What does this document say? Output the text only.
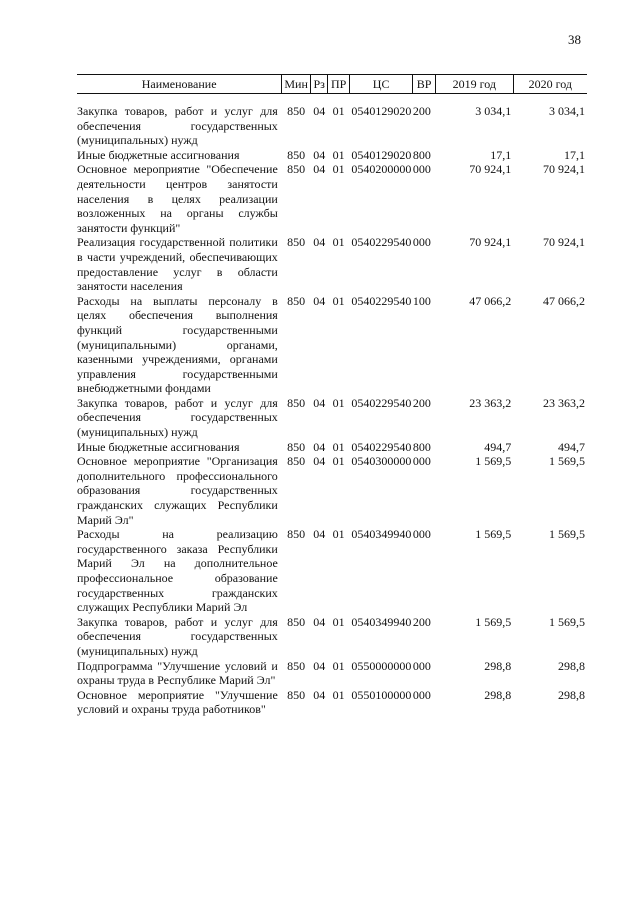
38
Наименование	Мин	Рз	ПР	ЦС	ВР	2019 год	2020 год

Закупка товаров, работ и услуг для обеспечения государственных (муниципальных) нужд	850	04	01	0540129020	200	3 034,1	3 034,1
Иные бюджетные ассигнования	850	04	01	0540129020	800	17,1	17,1
Основное мероприятие "Обеспечение деятельности центров занятости населения в целях реализации возложенных на органы службы занятости функций"	850	04	01	0540200000	000	70 924,1	70 924,1
Реализация государственной политики в части учреждений, обеспечивающих предоставление услуг в области занятости населения	850	04	01	0540229540	000	70 924,1	70 924,1
Расходы на выплаты персоналу в целях обеспечения выполнения функций государственными (муниципальными) органами, казенными учреждениями, органами управления государственными внебюджетными фондами	850	04	01	0540229540	100	47 066,2	47 066,2
Закупка товаров, работ и услуг для обеспечения государственных (муниципальных) нужд	850	04	01	0540229540	200	23 363,2	23 363,2
Иные бюджетные ассигнования	850	04	01	0540229540	800	494,7	494,7
Основное мероприятие "Организация дополнительного профессионального образования государственных гражданских служащих Республики Марий Эл"	850	04	01	0540300000	000	1 569,5	1 569,5
Расходы на реализацию государственного заказа Республики Марий Эл на дополнительное профессиональное образование государственных гражданских служащих Республики Марий Эл	850	04	01	0540349940	000	1 569,5	1 569,5
Закупка товаров, работ и услуг для обеспечения государственных (муниципальных) нужд	850	04	01	0540349940	200	1 569,5	1 569,5
Подпрограмма "Улучшение условий и охраны труда в Республике Марий Эл"	850	04	01	0550000000	000	298,8	298,8
Основное мероприятие "Улучшение условий и охраны труда работников"	850	04	01	0550100000	000	298,8	298,8
